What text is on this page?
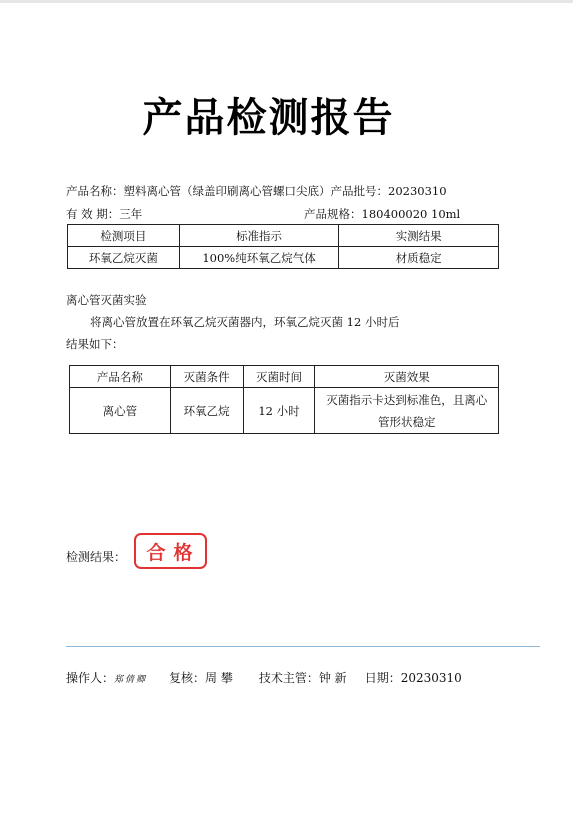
产品检测报告
产品名称：塑料离心管（绿盖印刷离心管螺口尖底）产品批号：20230310
有 效 期：三年	产品规格：180400020 10ml
检测项目	标准指示	实测结果
环氧乙烷灭菌	100%纯环氧乙烷气体	材质稳定
离心管灭菌实验
将离心管放置在环氧乙烷灭菌器内，环氧乙烷灭菌 12 小时后
结果如下：
产品名称	灭菌条件	灭菌时间	灭菌效果
离心管	环氧乙烷	12 小时	灭菌指示卡达到标准色，且离心管形状稳定
检测结果：	合格
操作人：郑倩卿 复核：周 攀 技术主管：钟 新 日期：20230310
